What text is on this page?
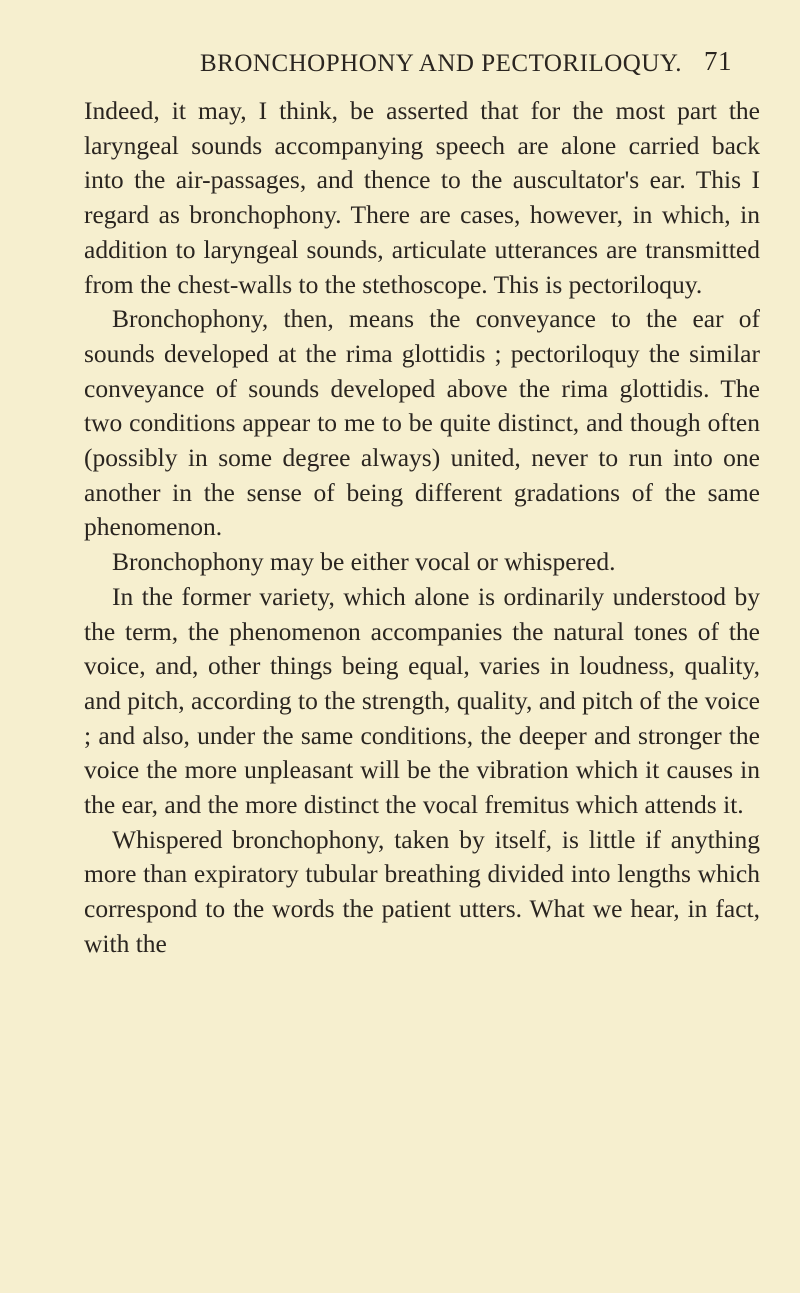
BRONCHOPHONY AND PECTORILOQUY. 71

Indeed, it may, I think, be asserted that for the most part the laryngeal sounds accompanying speech are alone carried back into the air-passages, and thence to the auscultator's ear. This I regard as bronchophony. There are cases, however, in which, in addition to laryngeal sounds, articulate utterances are transmitted from the chest-walls to the stethoscope. This is pectoriloquy.

Bronchophony, then, means the conveyance to the ear of sounds developed at the rima glottidis ; pectoriloquy the similar conveyance of sounds developed above the rima glottidis. The two conditions appear to me to be quite distinct, and though often (possibly in some degree always) united, never to run into one another in the sense of being different gradations of the same phenomenon.

Bronchophony may be either vocal or whispered.

In the former variety, which alone is ordinarily understood by the term, the phenomenon accompanies the natural tones of the voice, and, other things being equal, varies in loudness, quality, and pitch, according to the strength, quality, and pitch of the voice ; and also, under the same conditions, the deeper and stronger the voice the more unpleasant will be the vibration which it causes in the ear, and the more distinct the vocal fremitus which attends it.

Whispered bronchophony, taken by itself, is little if anything more than expiratory tubular breathing divided into lengths which correspond to the words the patient utters. What we hear, in fact, with the
